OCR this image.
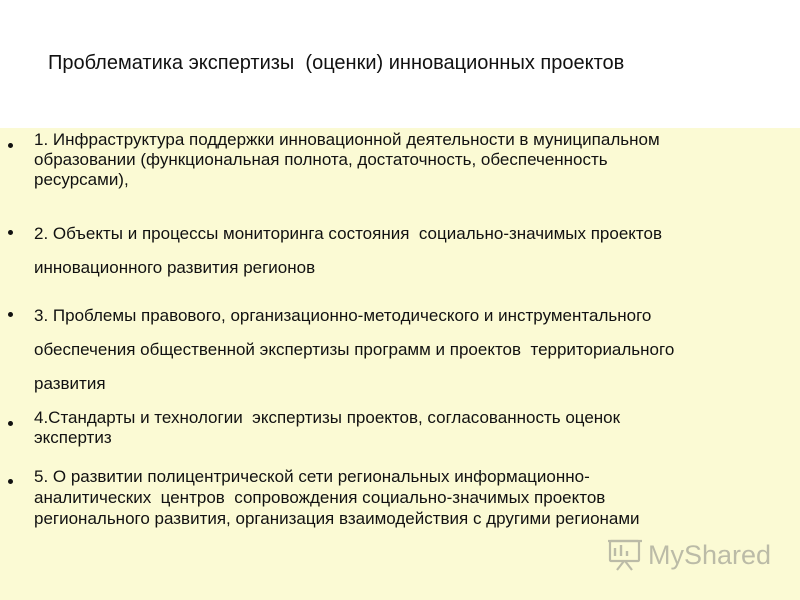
Проблематика экспертизы  (оценки) инновационных проектов
1. Инфраструктура поддержки инновационной деятельности в муниципальном
образовании (функциональная полнота, достаточность, обеспеченность
ресурсами),
2. Объекты и процессы мониторинга состояния  социально-значимых проектов
инновационного развития регионов
3. Проблемы правового, организационно-методического и инструментального
обеспечения общественной экспертизы программ и проектов  территориального
развития
4.Стандарты и технологии  экспертизы проектов, согласованность оценок
экспертиз
5. О развитии полицентрической сети региональных информационно-
аналитических  центров  сопровождения социально-значимых проектов
регионального развития, организация взаимодействия с другими регионами
MyShared
